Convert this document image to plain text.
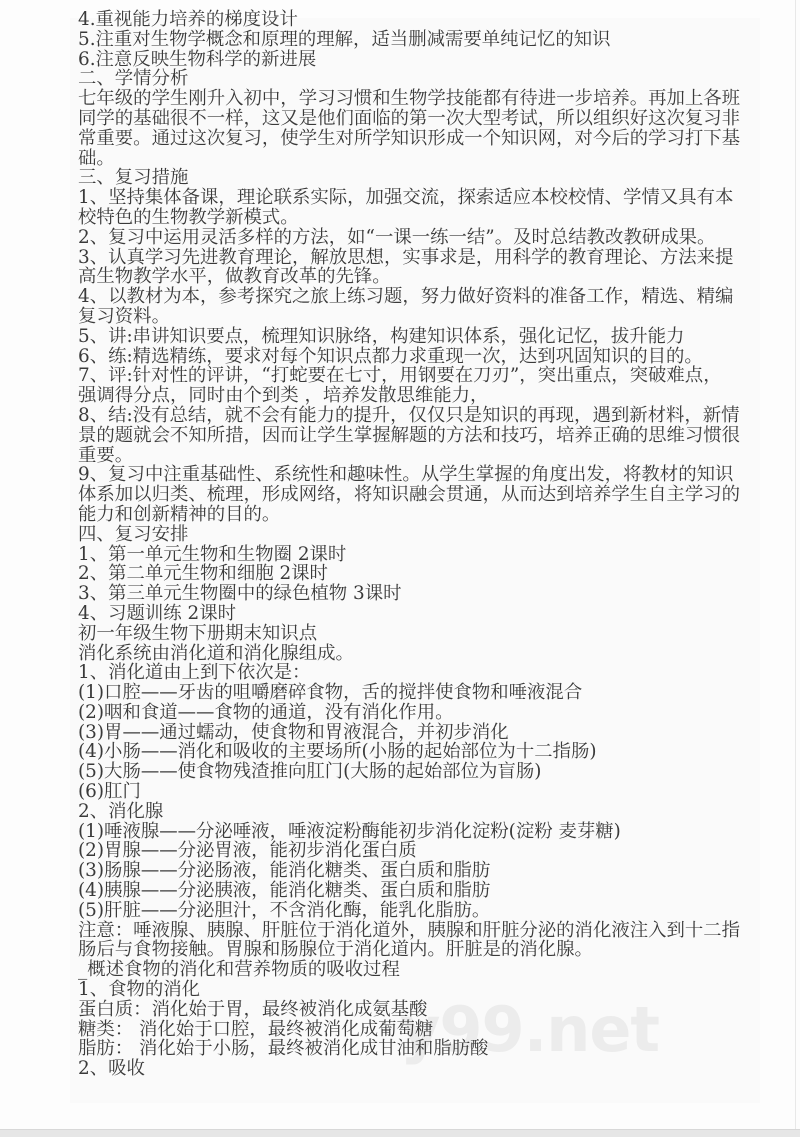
y99.net
4.重视能力培养的梯度设计
5.注重对生物学概念和原理的理解，适当删减需要单纯记忆的知识
6.注意反映生物科学的新进展
二、学情分析
七年级的学生刚升入初中，学习习惯和生物学技能都有待进一步培养。再加上各班
同学的基础很不一样，这又是他们面临的第一次大型考试，所以组织好这次复习非
常重要。通过这次复习，使学生对所学知识形成一个知识网，对今后的学习打下基
础。
三、复习措施
1、坚持集体备课，理论联系实际，加强交流，探索适应本校校情、学情又具有本
校特色的生物教学新模式。
2、复习中运用灵活多样的方法，如“一课一练一结”。及时总结教改教研成果。
3、认真学习先进教育理论，解放思想，实事求是，用科学的教育理论、方法来提
高生物教学水平，做教育改革的先锋。
4、以教材为本，参考探究之旅上练习题，努力做好资料的准备工作，精选、精编
复习资料。
5、讲:串讲知识要点，梳理知识脉络，构建知识体系，强化记忆，拔升能力
6、练:精选精练，要求对每个知识点都力求重现一次，达到巩固知识的目的。
7、评:针对性的评讲，“打蛇要在七寸，用钢要在刀刃”，突出重点，突破难点，
强调得分点，同时由个到类 ，培养发散思维能力，
8、结:没有总结，就不会有能力的提升，仅仅只是知识的再现，遇到新材料，新情
景的题就会不知所措，因而让学生掌握解题的方法和技巧，培养正确的思维习惯很
重要。
9、复习中注重基础性、系统性和趣味性。从学生掌握的角度出发，将教材的知识
体系加以归类、梳理，形成网络，将知识融会贯通，从而达到培养学生自主学习的
能力和创新精神的目的。
四、复习安排
1、第一单元生物和生物圈 2课时
2、第二单元生物和细胞 2课时
3、第三单元生物圈中的绿色植物 3课时
4、习题训练 2课时
初一年级生物下册期末知识点
消化系统由消化道和消化腺组成。
1、消化道由上到下依次是：
(1)口腔——牙齿的咀嚼磨碎食物，舌的搅拌使食物和唾液混合
(2)咽和食道——食物的通道，没有消化作用。
(3)胃——通过蠕动，使食物和胃液混合，并初步消化
(4)小肠——消化和吸收的主要场所(小肠的起始部位为十二指肠)
(5)大肠——使食物残渣推向肛门(大肠的起始部位为盲肠)
(6)肛门
2、消化腺
(1)唾液腺——分泌唾液，唾液淀粉酶能初步消化淀粉(淀粉 麦芽糖)
(2)胃腺——分泌胃液，能初步消化蛋白质
(3)肠腺——分泌肠液，能消化糖类、蛋白质和脂肪
(4)胰腺——分泌胰液，能消化糖类、蛋白质和脂肪
(5)肝脏——分泌胆汁，不含消化酶，能乳化脂肪。
注意：唾液腺、胰腺、肝脏位于消化道外，胰腺和肝脏分泌的消化液注入到十二指
肠后与食物接触。胃腺和肠腺位于消化道内。肝脏是的消化腺。
_概述食物的消化和营养物质的吸收过程
1、食物的消化
蛋白质：消化始于胃，最终被消化成氨基酸
糖类： 消化始于口腔，最终被消化成葡萄糖
脂肪： 消化始于小肠，最终被消化成甘油和脂肪酸
2、吸收
